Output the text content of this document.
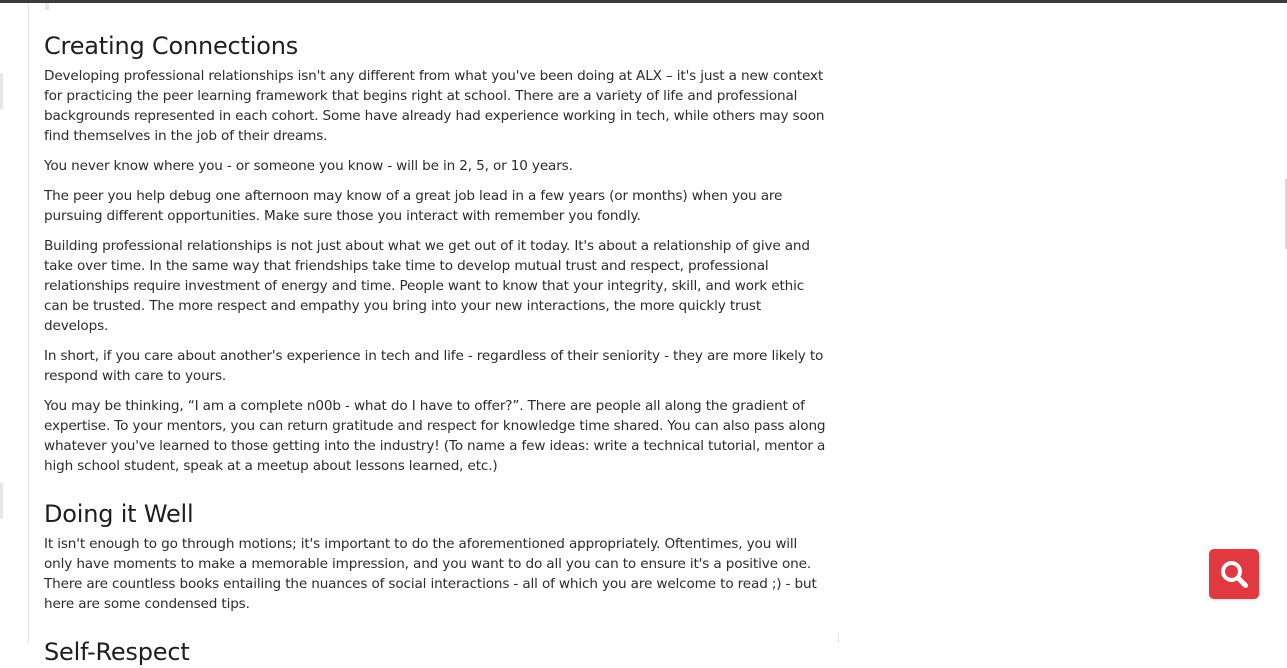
Creating Connections

Developing professional relationships isn't any different from what you've been doing at ALX – it's just a new context for practicing the peer learning framework that begins right at school. There are a variety of life and professional backgrounds represented in each cohort. Some have already had experience working in tech, while others may soon find themselves in the job of their dreams.

You never know where you - or someone you know - will be in 2, 5, or 10 years.

The peer you help debug one afternoon may know of a great job lead in a few years (or months) when you are pursuing different opportunities. Make sure those you interact with remember you fondly.

Building professional relationships is not just about what we get out of it today. It's about a relationship of give and take over time. In the same way that friendships take time to develop mutual trust and respect, professional relationships require investment of energy and time. People want to know that your integrity, skill, and work ethic can be trusted. The more respect and empathy you bring into your new interactions, the more quickly trust develops.

In short, if you care about another's experience in tech and life - regardless of their seniority - they are more likely to respond with care to yours.

You may be thinking, “I am a complete n00b - what do I have to offer?”. There are people all along the gradient of expertise. To your mentors, you can return gratitude and respect for knowledge time shared. You can also pass along whatever you've learned to those getting into the industry! (To name a few ideas: write a technical tutorial, mentor a high school student, speak at a meetup about lessons learned, etc.)

Doing it Well

It isn't enough to go through motions; it's important to do the aforementioned appropriately. Oftentimes, you will only have moments to make a memorable impression, and you want to do all you can to ensure it's a positive one. There are countless books entailing the nuances of social interactions - all of which you are welcome to read ;) - but here are some condensed tips.

Self-Respect
